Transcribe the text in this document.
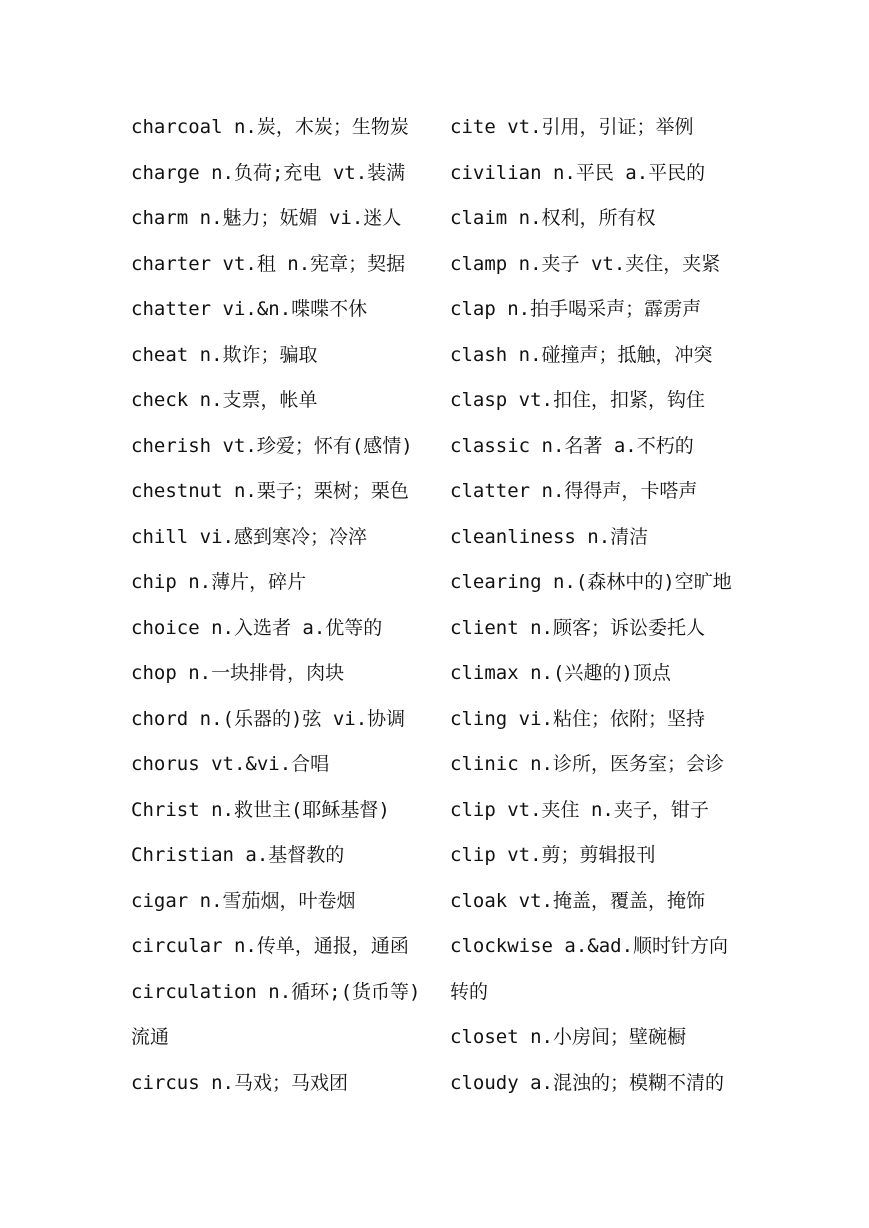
charcoal n.炭，木炭；生物炭
charge n.负荷;充电 vt.装满
charm n.魅力；妩媚 vi.迷人
charter vt.租 n.宪章；契据
chatter vi.&n.喋喋不休
cheat n.欺诈；骗取
check n.支票，帐单
cherish vt.珍爱；怀有(感情)
chestnut n.栗子；栗树；栗色
chill vi.感到寒冷；冷淬
chip n.薄片，碎片
choice n.入选者 a.优等的
chop n.一块排骨，肉块
chord n.(乐器的)弦 vi.协调
chorus vt.&vi.合唱
Christ n.救世主(耶稣基督)
Christian a.基督教的
cigar n.雪茄烟，叶卷烟
circular n.传单，通报，通函
circulation n.循环;(货币等)
流通
circus n.马戏；马戏团
cite vt.引用，引证；举例
civilian n.平民 a.平民的
claim n.权利，所有权
clamp n.夹子 vt.夹住，夹紧
clap n.拍手喝采声；霹雳声
clash n.碰撞声；抵触，冲突
clasp vt.扣住，扣紧，钩住
classic n.名著 a.不朽的
clatter n.得得声，卡嗒声
cleanliness n.清洁
clearing n.(森林中的)空旷地
client n.顾客；诉讼委托人
climax n.(兴趣的)顶点
cling vi.粘住；依附；坚持
clinic n.诊所，医务室；会诊
clip vt.夹住 n.夹子，钳子
clip vt.剪；剪辑报刊
cloak vt.掩盖，覆盖，掩饰
clockwise a.&ad.顺时针方向
转的
closet n.小房间；壁碗橱
cloudy a.混浊的；模糊不清的
